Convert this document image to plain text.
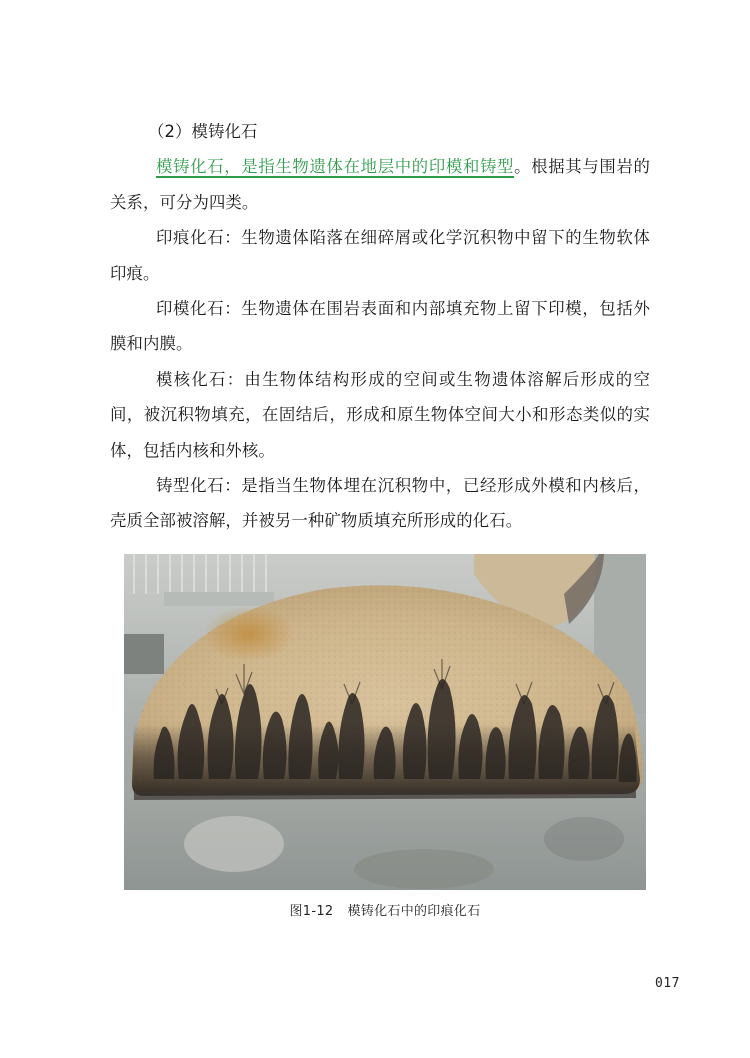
（2）模铸化石

模铸化石，是指生物遗体在地层中的印模和铸型。根据其与围岩的关系，可分为四类。

印痕化石：生物遗体陷落在细碎屑或化学沉积物中留下的生物软体印痕。

印模化石：生物遗体在围岩表面和内部填充物上留下印模，包括外膜和内膜。

模核化石：由生物体结构形成的空间或生物遗体溶解后形成的空间，被沉积物填充，在固结后，形成和原生物体空间大小和形态类似的实体，包括内核和外核。

铸型化石：是指当生物体埋在沉积物中，已经形成外模和内核后，壳质全部被溶解，并被另一种矿物质填充所形成的化石。

图1-12 模铸化石中的印痕化石
017
